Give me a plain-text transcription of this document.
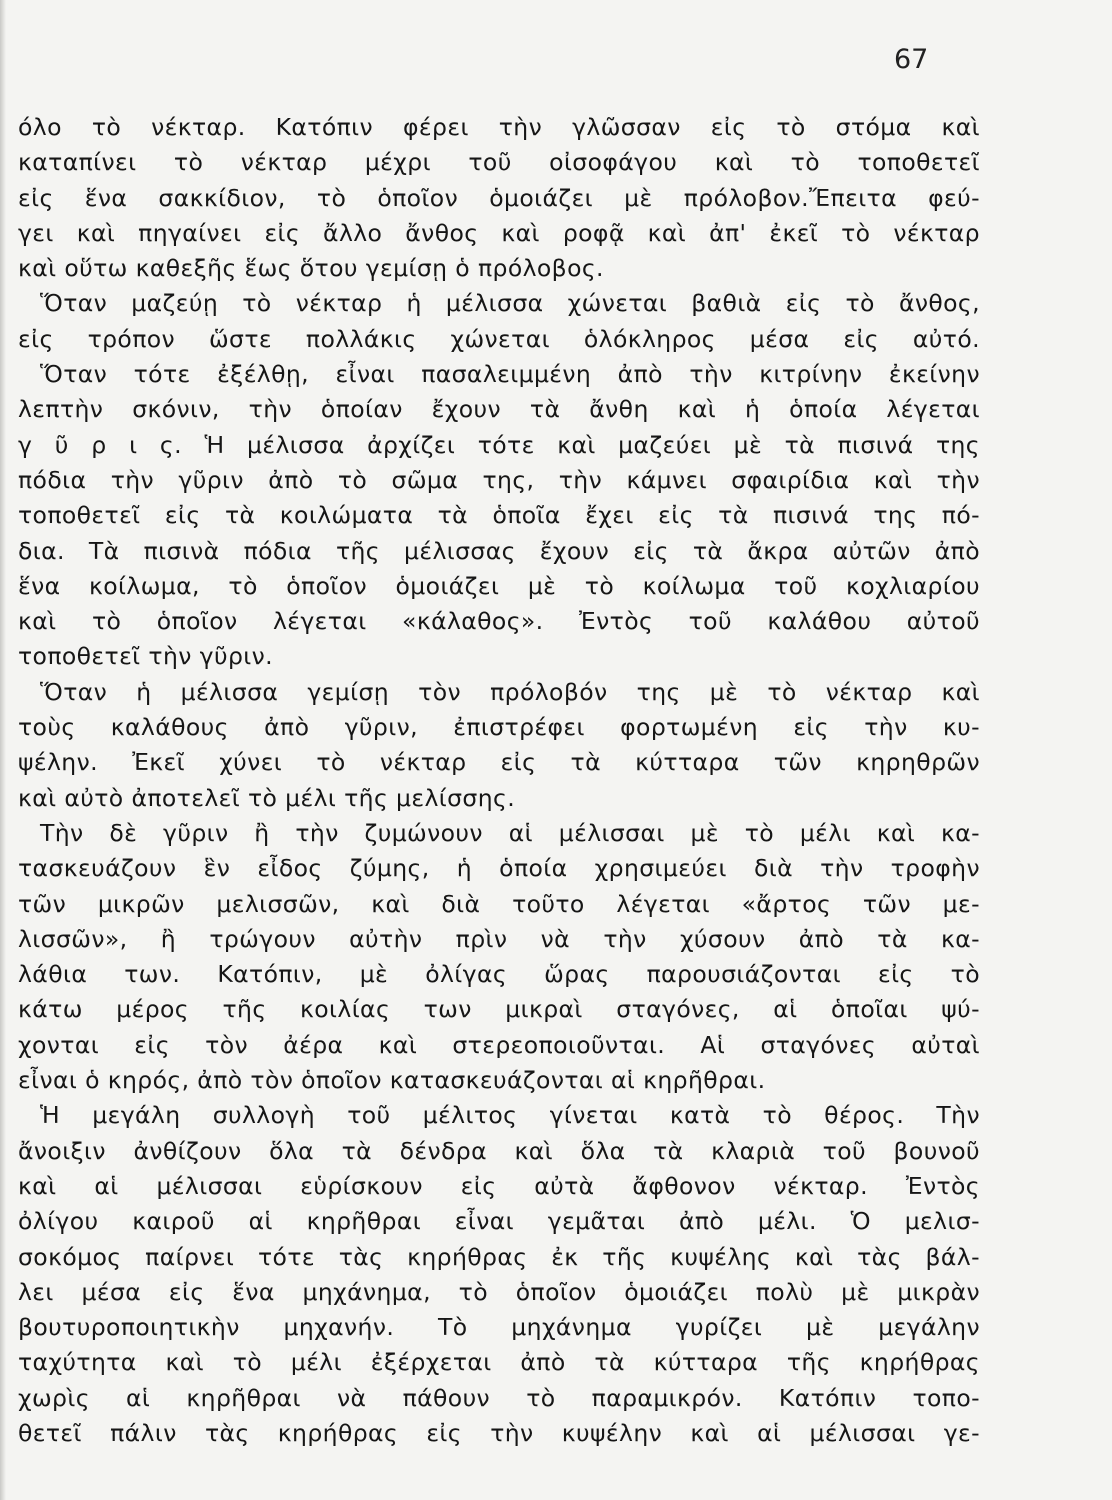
67
όλο τὸ νέκταρ. Κατόπιν φέρει τὴν γλῶσσαν εἰς τὸ στόμα καὶ
καταπίνει τὸ νέκταρ μέχρι τοῦ οἰσοφάγου καὶ τὸ τοποθετεῖ
εἰς ἕνα σακκίδιον, τὸ ὁποῖον ὁμοιάζει μὲ πρόλοβον.Ἔπειτα φεύ-
γει καὶ πηγαίνει εἰς ἄλλο ἄνθος καὶ ροφᾷ καὶ ἀπ' ἐκεῖ τὸ νέκταρ
καὶ οὕτω καθεξῆς ἕως ὅτου γεμίσῃ ὁ πρόλοβος.
Ὅταν μαζεύῃ τὸ νέκταρ ἡ μέλισσα χώνεται βαθιὰ εἰς τὸ ἄνθος,
εἰς τρόπον ὥστε πολλάκις χώνεται ὁλόκληρος μέσα εἰς αὐτό.
Ὅταν τότε ἐξέλθῃ, εἶναι πασαλειμμένη ἀπὸ τὴν κιτρίνην ἐκείνην
λεπτὴν σκόνιν, τὴν ὁποίαν ἔχουν τὰ ἄνθη καὶ ἡ ὁποία λέγεται
γ ῦ ρ ι ς. Ἡ μέλισσα ἀρχίζει τότε καὶ μαζεύει μὲ τὰ πισινά της
πόδια τὴν γῦριν ἀπὸ τὸ σῶμα της, τὴν κάμνει σφαιρίδια καὶ τὴν
τοποθετεῖ εἰς τὰ κοιλώματα τὰ ὁποῖα ἔχει εἰς τὰ πισινά της πό-
δια. Τὰ πισινὰ πόδια τῆς μέλισσας ἔχουν εἰς τὰ ἄκρα αὐτῶν ἀπὸ
ἕνα κοίλωμα, τὸ ὁποῖον ὁμοιάζει μὲ τὸ κοίλωμα τοῦ κοχλιαρίου
καὶ τὸ ὁποῖον λέγεται «κάλαθος». Ἐντὸς τοῦ καλάθου αὐτοῦ
τοποθετεῖ τὴν γῦριν.
Ὅταν ἡ μέλισσα γεμίσῃ τὸν πρόλοβόν της μὲ τὸ νέκταρ καὶ
τοὺς καλάθους ἀπὸ γῦριν, ἐπιστρέφει φορτωμένη εἰς τὴν κυ-
ψέλην. Ἐκεῖ χύνει τὸ νέκταρ εἰς τὰ κύτταρα τῶν κηρηθρῶν
καὶ αὐτὸ ἀποτελεῖ τὸ μέλι τῆς μελίσσης.
Τὴν δὲ γῦριν ἢ τὴν ζυμώνουν αἱ μέλισσαι μὲ τὸ μέλι καὶ κα-
τασκευάζουν ἓν εἶδος ζύμης, ἡ ὁποία χρησιμεύει διὰ τὴν τροφὴν
τῶν μικρῶν μελισσῶν, καὶ διὰ τοῦτο λέγεται «ἄρτος τῶν με-
λισσῶν», ἢ τρώγουν αὐτὴν πρὶν νὰ τὴν χύσουν ἀπὸ τὰ κα-
λάθια των. Κατόπιν, μὲ ὀλίγας ὥρας παρουσιάζονται εἰς τὸ
κάτω μέρος τῆς κοιλίας των μικραὶ σταγόνες, αἱ ὁποῖαι ψύ-
χονται εἰς τὸν ἀέρα καὶ στερεοποιοῦνται. Αἱ σταγόνες αὐταὶ
εἶναι ὁ κηρός, ἀπὸ τὸν ὁποῖον κατασκευάζονται αἱ κηρῆθραι.
Ἡ μεγάλη συλλογὴ τοῦ μέλιτος γίνεται κατὰ τὸ θέρος. Τὴν
ἄνοιξιν ἀνθίζουν ὅλα τὰ δένδρα καὶ ὅλα τὰ κλαριὰ τοῦ βουνοῦ
καὶ αἱ μέλισσαι εὑρίσκουν εἰς αὐτὰ ἄφθονον νέκταρ. Ἐντὸς
ὀλίγου καιροῦ αἱ κηρῆθραι εἶναι γεμᾶται ἀπὸ μέλι. Ὁ μελισ-
σοκόμος παίρνει τότε τὰς κηρήθρας ἐκ τῆς κυψέλης καὶ τὰς βάλ-
λει μέσα εἰς ἕνα μηχάνημα, τὸ ὁποῖον ὁμοιάζει πολὺ μὲ μικρὰν
βουτυροποιητικὴν μηχανήν. Τὸ μηχάνημα γυρίζει μὲ μεγάλην
ταχύτητα καὶ τὸ μέλι ἐξέρχεται ἀπὸ τὰ κύτταρα τῆς κηρήθρας
χωρὶς αἱ κηρῆθραι νὰ πάθουν τὸ παραμικρόν. Κατόπιν τοπο-
θετεῖ πάλιν τὰς κηρήθρας εἰς τὴν κυψέλην καὶ αἱ μέλισσαι γε-
